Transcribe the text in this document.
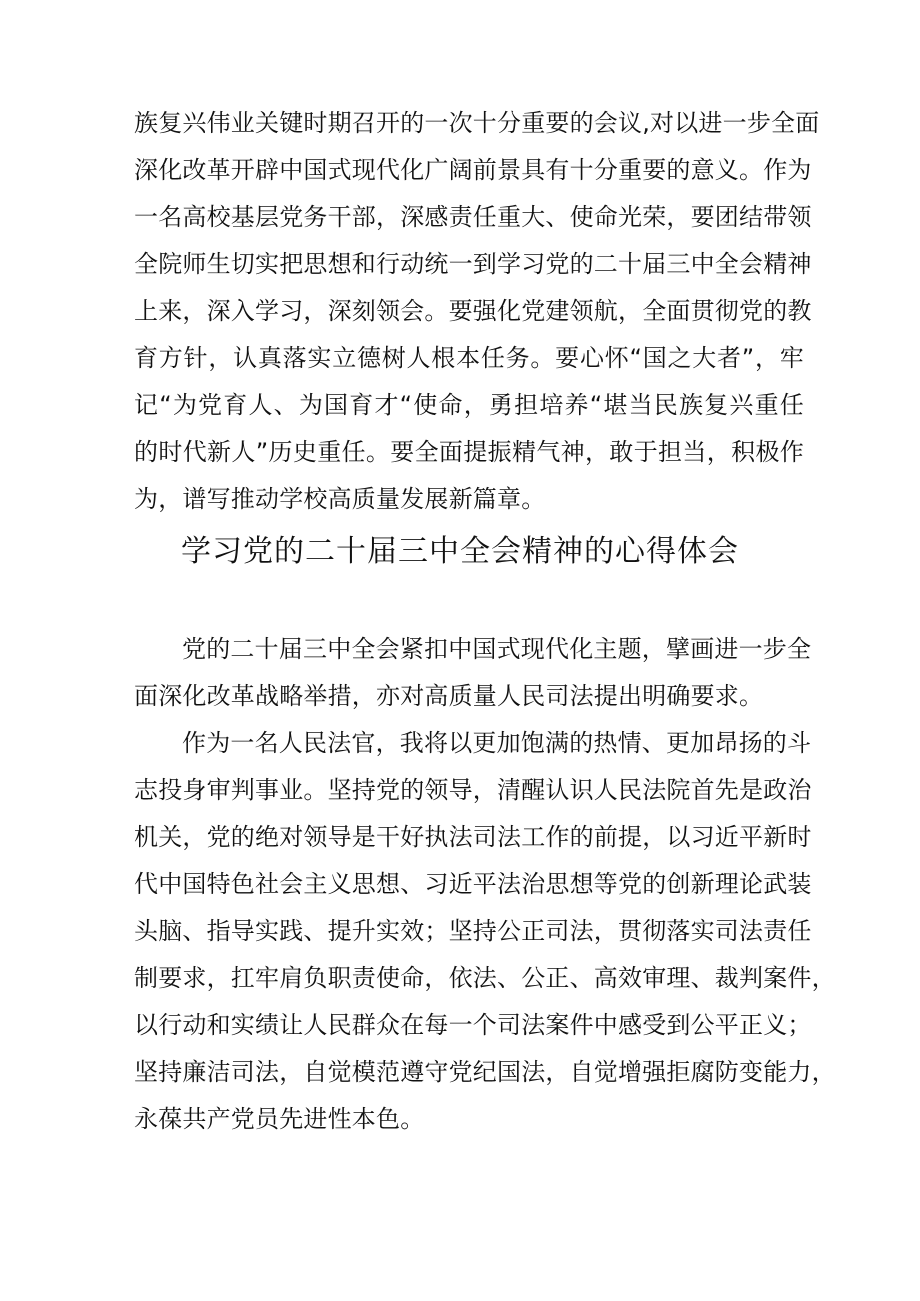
族复兴伟业关键时期召开的一次十分重要的会议,对以进一步全面
深化改革开辟中国式现代化广阔前景具有十分重要的意义。作为
一名高校基层党务干部，深感责任重大、使命光荣，要团结带领
全院师生切实把思想和行动统一到学习党的二十届三中全会精神
上来，深入学习，深刻领会。要强化党建领航，全面贯彻党的教
育方针，认真落实立德树人根本任务。要心怀“国之大者”，牢
记“为党育人、为国育才“使命，勇担培养“堪当民族复兴重任
的时代新人”历史重任。要全面提振精气神，敢于担当，积极作
为，谱写推动学校高质量发展新篇章。
学习党的二十届三中全会精神的心得体会
党的二十届三中全会紧扣中国式现代化主题，擘画进一步全
面深化改革战略举措，亦对高质量人民司法提出明确要求。
作为一名人民法官，我将以更加饱满的热情、更加昂扬的斗
志投身审判事业。坚持党的领导，清醒认识人民法院首先是政治
机关，党的绝对领导是干好执法司法工作的前提，以习近平新时
代中国特色社会主义思想、习近平法治思想等党的创新理论武装
头脑、指导实践、提升实效；坚持公正司法，贯彻落实司法责任
制要求，扛牢肩负职责使命，依法、公正、高效审理、裁判案件，
以行动和实绩让人民群众在每一个司法案件中感受到公平正义；
坚持廉洁司法，自觉模范遵守党纪国法，自觉增强拒腐防变能力，
永葆共产党员先进性本色。
